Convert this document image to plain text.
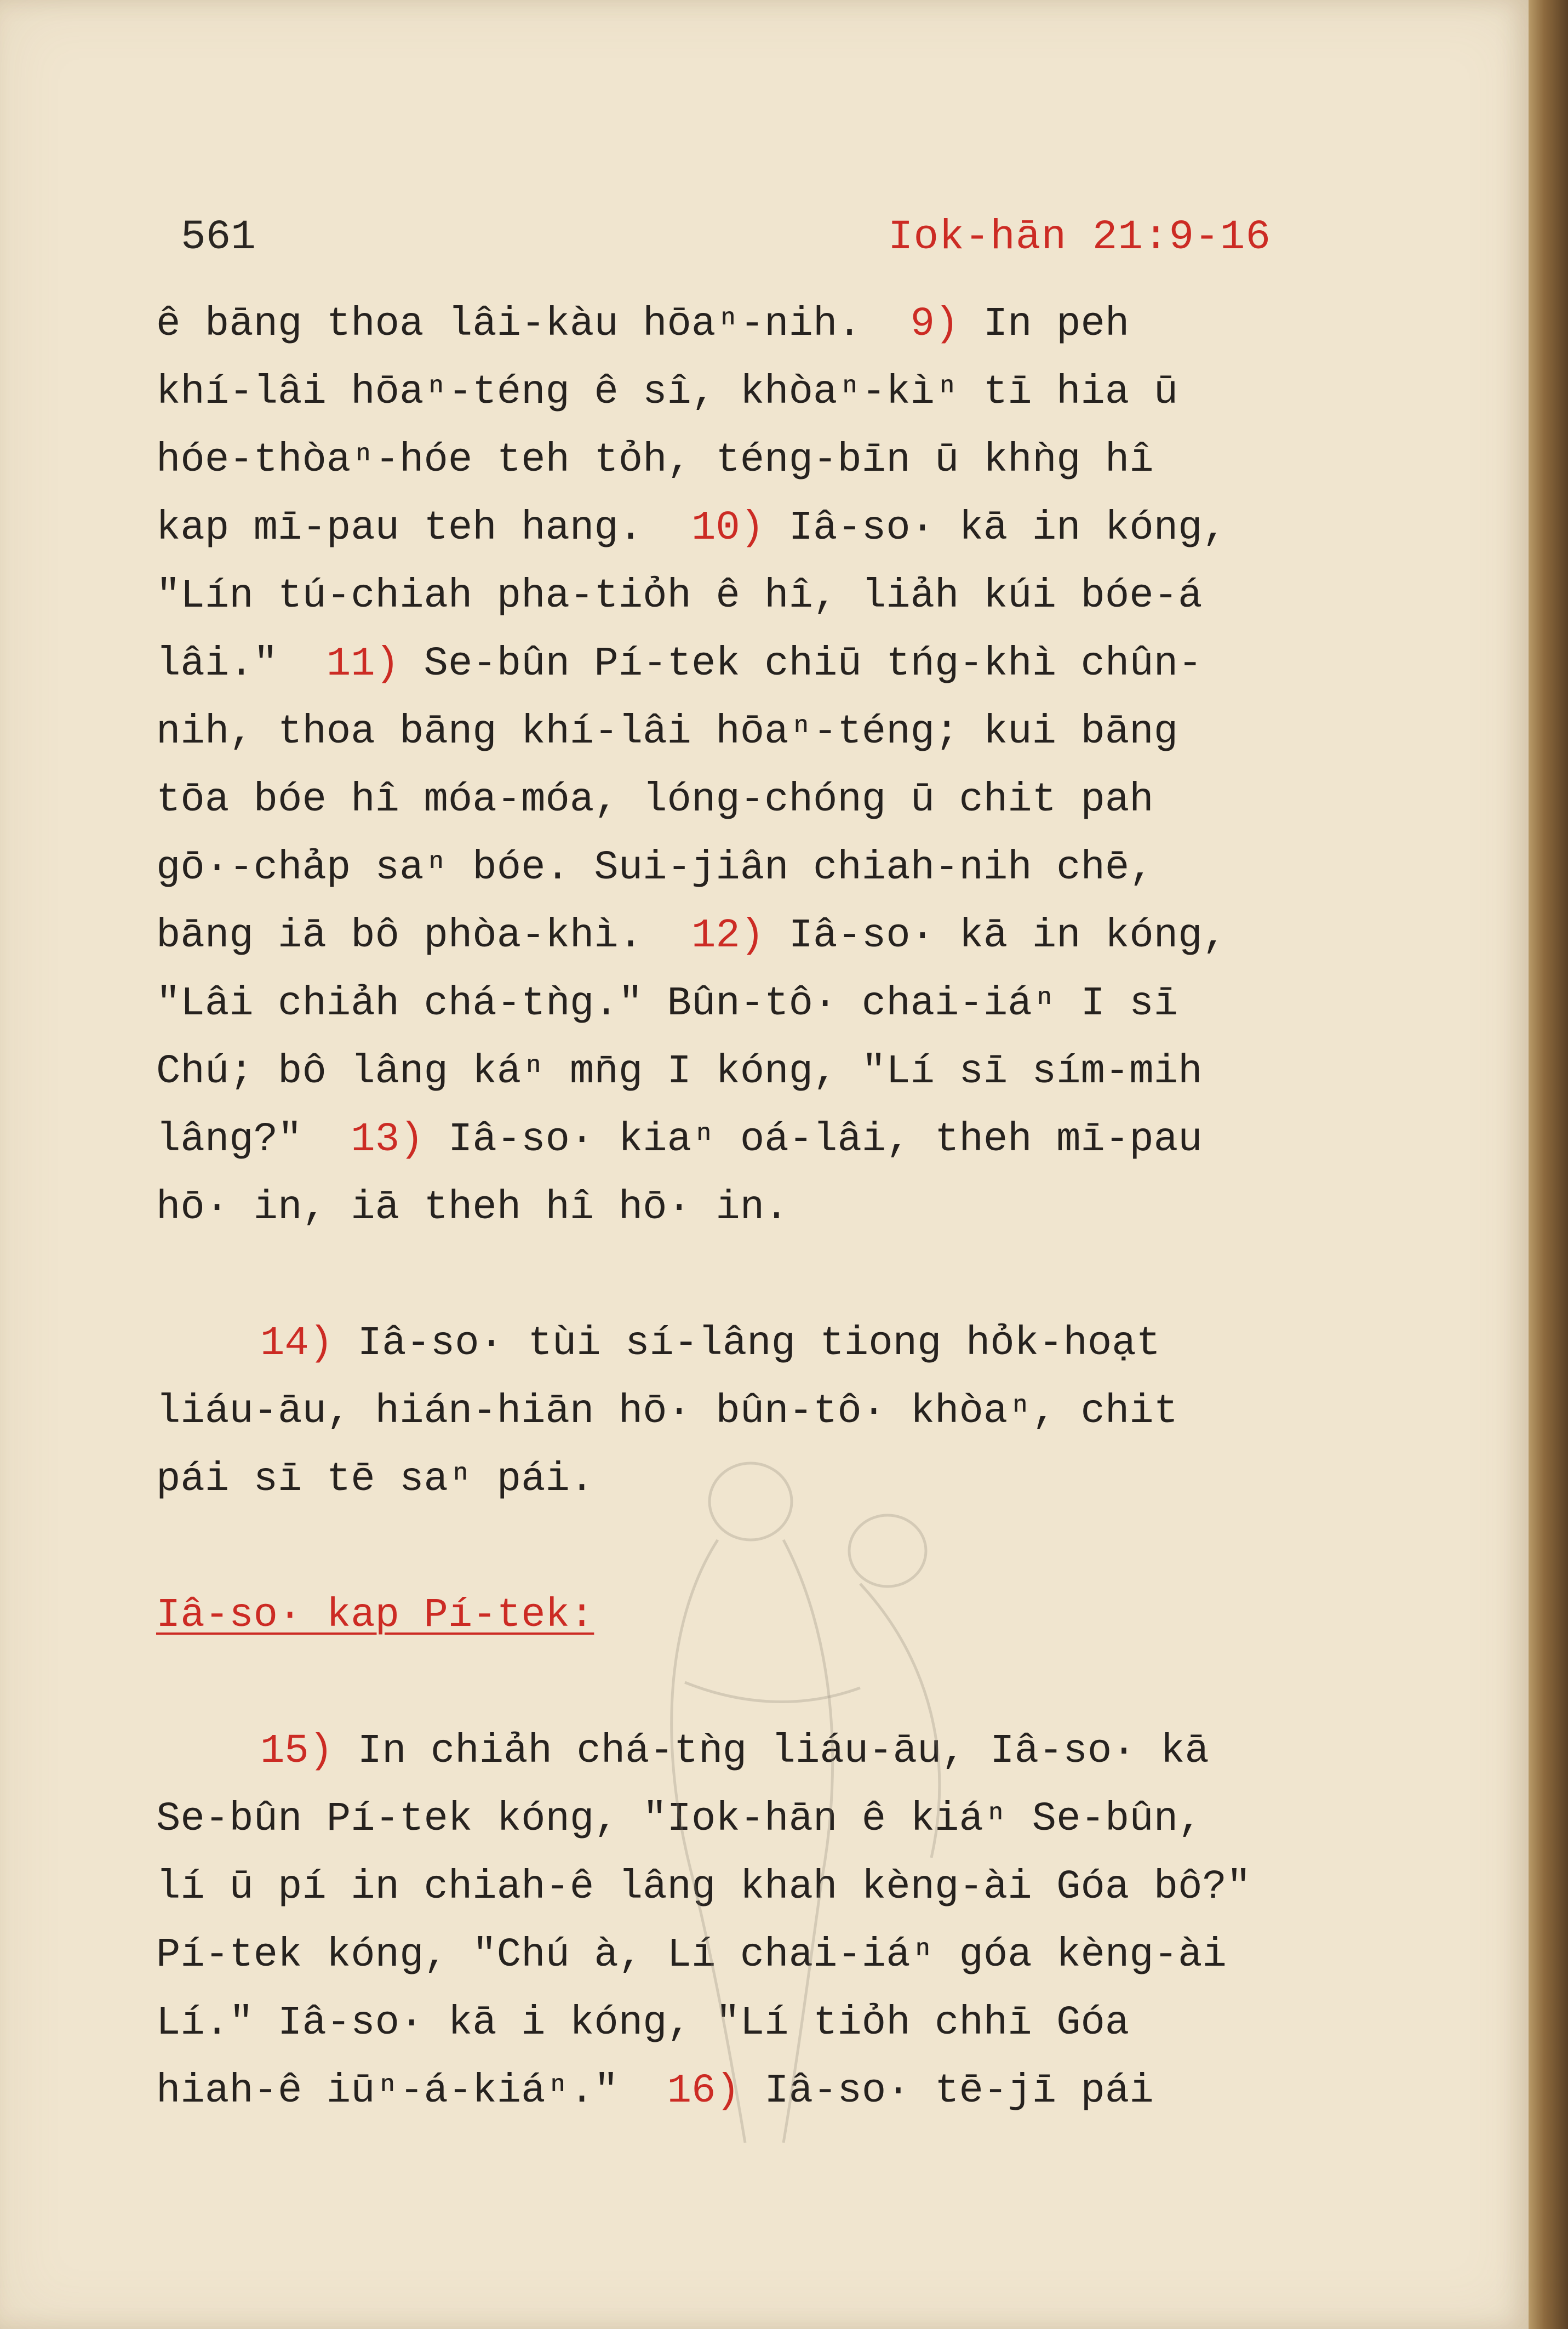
561	Iok-hān 21:9-16
ê bāng thoa lâi-kàu hōaⁿ-nih. 9) In peh
khí-lâi hōaⁿ-téng ê sî, khòaⁿ-kìⁿ tī hia ū
hóe-thòaⁿ-hóe teh tỏh, téng-bīn ū khǹg hî
kap mī-pau teh hang. 10) Iâ-so· kā in kóng,
"Lín tú-chiah pha-tiỏh ê hî, liảh kúi bóe-á
lâi." 11) Se-bûn Pí-tek chiū tńg-khì chûn-
nih, thoa bāng khí-lâi hōaⁿ-téng; kui bāng
tōa bóe hî móa-móa, lóng-chóng ū chit pah
gō·-chảp saⁿ bóe. Sui-jiân chiah-nih chē,
bāng iā bô phòa-khì. 12) Iâ-so· kā in kóng,
"Lâi chiảh chá-tǹg." Bûn-tô· chai-iáⁿ I sī
Chú; bô lâng káⁿ mn̄g I kóng, "Lí sī sím-mih
lâng?" 13) Iâ-so· kiaⁿ oá-lâi, theh mī-pau
hō· in, iā theh hî hō· in.
14) Iâ-so· tùi sí-lâng tiong hỏk-hoạt
liáu-āu, hián-hiān hō· bûn-tô· khòaⁿ, chit
pái sī tē saⁿ pái.
Iâ-so· kap Pí-tek:
15) In chiảh chá-tǹg liáu-āu, Iâ-so· kā
Se-bûn Pí-tek kóng, "Iok-hān ê kiáⁿ Se-bûn,
lí ū pí in chiah-ê lâng khah kèng-ài Góa bô?"
Pí-tek kóng, "Chú à, Lí chai-iáⁿ góa kèng-ài
Lí." Iâ-so· kā i kóng, "Lí tiỏh chhī Góa
hiah-ê iūⁿ-á-kiáⁿ." 16) Iâ-so· tē-jī pái
